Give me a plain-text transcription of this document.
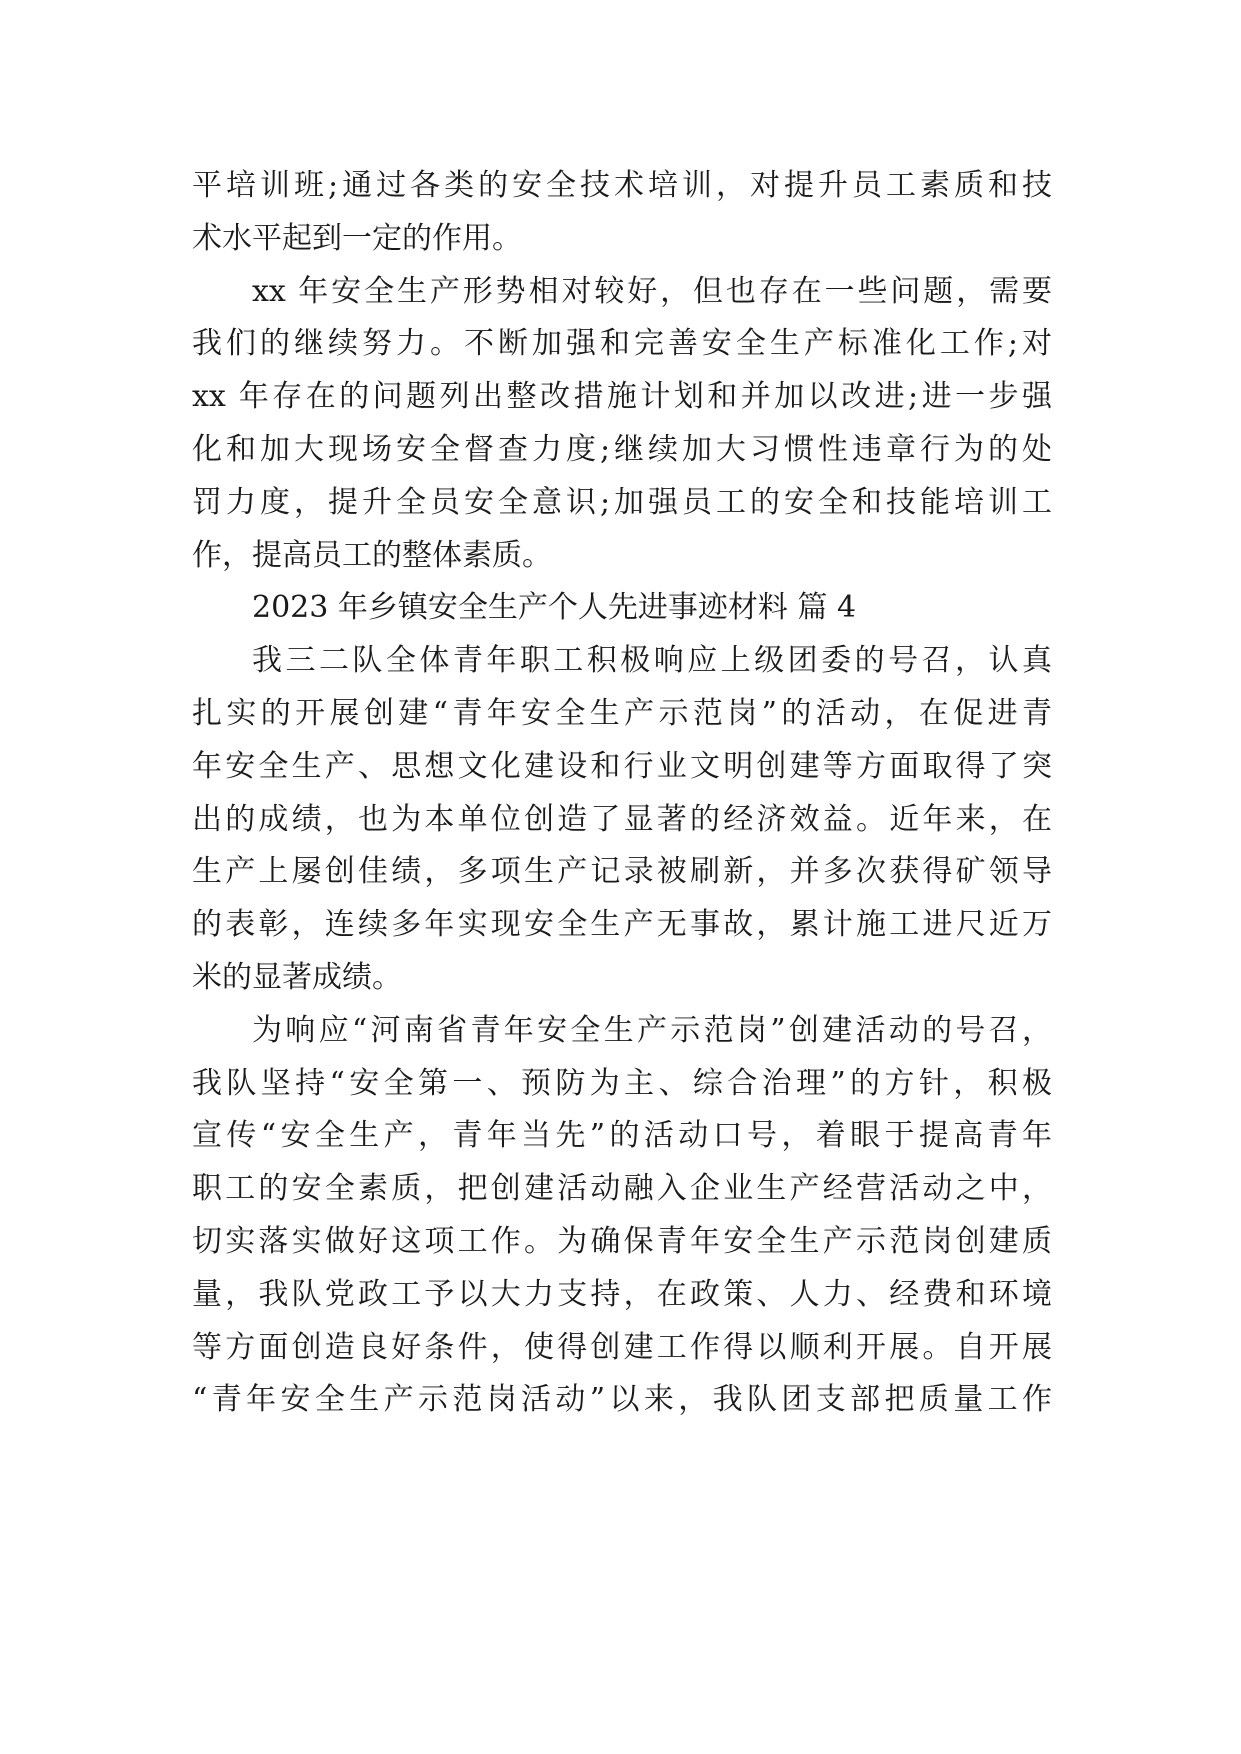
平培训班;通过各类的安全技术培训，对提升员工素质和技
术水平起到一定的作用。
xx 年安全生产形势相对较好，但也存在一些问题，需要
我们的继续努力。不断加强和完善安全生产标准化工作;对
xx 年存在的问题列出整改措施计划和并加以改进;进一步强
化和加大现场安全督查力度;继续加大习惯性违章行为的处
罚力度，提升全员安全意识;加强员工的安全和技能培训工
作，提高员工的整体素质。
2023 年乡镇安全生产个人先进事迹材料 篇 4
我三二队全体青年职工积极响应上级团委的号召，认真
扎实的开展创建“青年安全生产示范岗”的活动，在促进青
年安全生产、思想文化建设和行业文明创建等方面取得了突
出的成绩，也为本单位创造了显著的经济效益。近年来，在
生产上屡创佳绩，多项生产记录被刷新，并多次获得矿领导
的表彰，连续多年实现安全生产无事故，累计施工进尺近万
米的显著成绩。
为响应“河南省青年安全生产示范岗”创建活动的号召，
我队坚持“安全第一、预防为主、综合治理”的方针，积极
宣传“安全生产，青年当先”的活动口号，着眼于提高青年
职工的安全素质，把创建活动融入企业生产经营活动之中，
切实落实做好这项工作。为确保青年安全生产示范岗创建质
量，我队党政工予以大力支持，在政策、人力、经费和环境
等方面创造良好条件，使得创建工作得以顺利开展。自开展
“青年安全生产示范岗活动”以来，我队团支部把质量工作
